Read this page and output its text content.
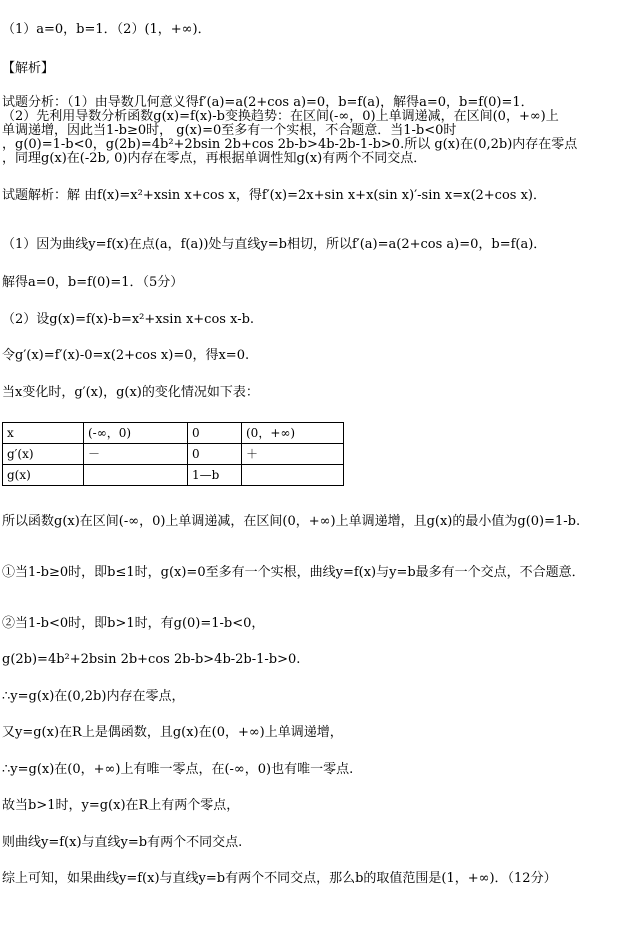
（1）a=0，b=1．（2）(1，+∞)．
【解析】
试题分析：（1）由导数几何意义得f′(a)=a(2+cos a)=0，b=f(a)，解得a=0，b=f(0)=1．
（2）先利用导数分析函数g(x)=f(x)-b变换趋势：在区间(-∞，0)上单调递减，在区间(0，+∞)上
单调递增，因此当1-b≥0时， g(x)=0至多有一个实根，不合题意．当1-b<0时
，g(0)=1-b<0，g(2b)=4b²+2bsin 2b+cos 2b-b>4b-2b-1-b>0.所以 g(x)在(0,2b)内存在零点
，同理g(x)在(-2b, 0)内存在零点，再根据单调性知g(x)有两个不同交点．
试题解析：解 由f(x)=x²+xsin x+cos x，得f′(x)=2x+sin x+x(sin x)′-sin x=x(2+cos x)．
（1）因为曲线y=f(x)在点(a，f(a))处与直线y=b相切，所以f′(a)=a(2+cos a)=0，b=f(a)．
解得a=0，b=f(0)=1．（5分）
（2）设g(x)=f(x)-b=x²+xsin x+cos x-b.
令g′(x)=f′(x)-0=x(2+cos x)=0，得x=0.
当x变化时，g′(x)，g(x)的变化情况如下表：
x	(-∞，0)	0	(0，+∞)
g′(x)	－	0	＋
g(x)		1—b	
所以函数g(x)在区间(-∞，0)上单调递减，在区间(0，+∞)上单调递增，且g(x)的最小值为g(0)=1-b.
①当1-b≥0时，即b≤1时，g(x)=0至多有一个实根，曲线y=f(x)与y=b最多有一个交点，不合题意．
②当1-b<0时，即b>1时，有g(0)=1-b<0，
g(2b)=4b²+2bsin 2b+cos 2b-b>4b-2b-1-b>0.
∴y=g(x)在(0,2b)内存在零点，
又y=g(x)在R上是偶函数，且g(x)在(0，+∞)上单调递增，
∴y=g(x)在(0，+∞)上有唯一零点，在(-∞，0)也有唯一零点.
故当b>1时，y=g(x)在R上有两个零点，
则曲线y=f(x)与直线y=b有两个不同交点.
综上可知，如果曲线y=f(x)与直线y=b有两个不同交点，那么b的取值范围是(1，+∞)．（12分）
